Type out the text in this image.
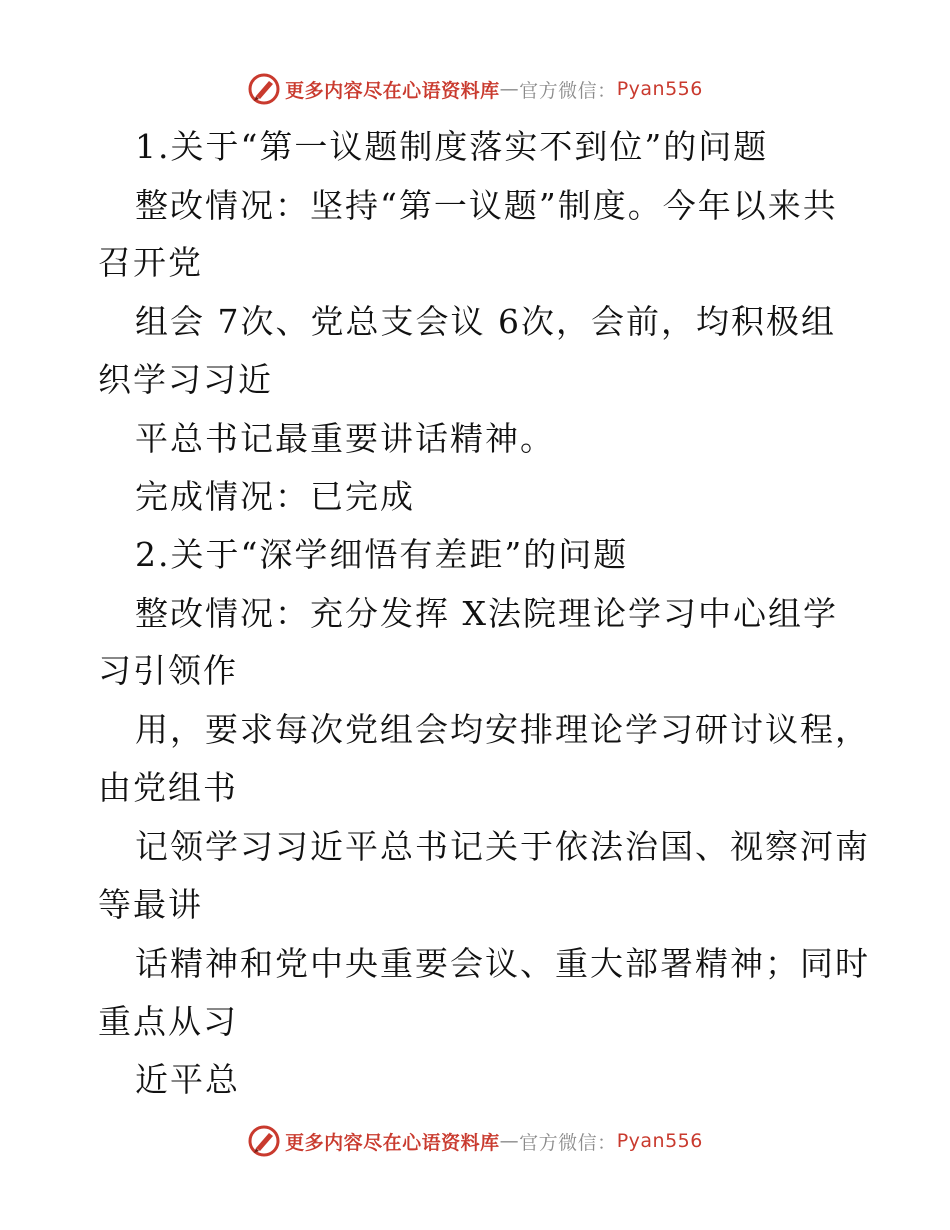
更多内容尽在心语资料库 — 官方微信： Pyan556
1.关于“第一议题制度落实不到位”的问题
整改情况：坚持“第一议题”制度。今年以来共
召开党
组会 7次、党总支会议 6次，会前，均积极组
织学习习近
平总书记最重要讲话精神。
完成情况：已完成
2.关于“深学细悟有差距”的问题
整改情况：充分发挥 X法院理论学习中心组学
习引领作
用，要求每次党组会均安排理论学习研讨议程，
由党组书
记领学习习近平总书记关于依法治国、视察河南
等最讲
话精神和党中央重要会议、重大部署精神；同时
重点从习
近平总
更多内容尽在心语资料库 — 官方微信： Pyan556
